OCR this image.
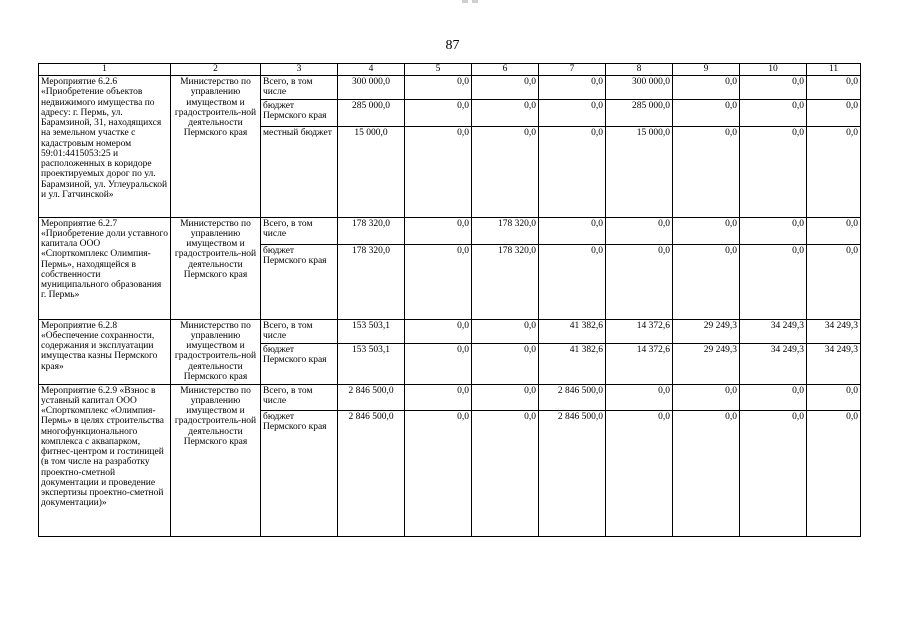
87
1	2	3	4	5	6	7	8	9	10	11
Мероприятие 6.2.6 «Приобретение объектов недвижимого имущества по адресу: г. Пермь, ул. Барамзиной, 31, находящихся на земельном участке с кадастровым номером 59:01:4415053:25 и расположенных в коридоре проектируемых дорог по ул. Барамзиной, ул. Углеуральской и ул. Гатчинской»	Министерство по управлению имуществом и градостроитель-ной деятельности Пермского края	Всего, в том числе	300 000,0	0,0	0,0	0,0	300 000,0	0,0	0,0	0,0
		бюджет Пермского края	285 000,0	0,0	0,0	0,0	285 000,0	0,0	0,0	0,0
		местный бюджет	15 000,0	0,0	0,0	0,0	15 000,0	0,0	0,0	0,0
Мероприятие 6.2.7 «Приобретение доли уставного капитала ООО «Спорткомплекс Олимпия-Пермь», находящейся в собственности муниципального образования г. Пермь»	Министерство по управлению имуществом и градостроитель-ной деятельности Пермского края	Всего, в том числе	178 320,0	0,0	178 320,0	0,0	0,0	0,0	0,0	0,0
		бюджет Пермского края	178 320,0	0,0	178 320,0	0,0	0,0	0,0	0,0	0,0
Мероприятие 6.2.8 «Обеспечение сохранности, содержания и эксплуатации имущества казны Пермского края»	Министерство по управлению имуществом и градостроитель-ной деятельности Пермского края	Всего, в том числе	153 503,1	0,0	0,0	41 382,6	14 372,6	29 249,3	34 249,3	34 249,3
		бюджет Пермского края	153 503,1	0,0	0,0	41 382,6	14 372,6	29 249,3	34 249,3	34 249,3
Мероприятие 6.2.9 «Взнос в уставный капитал ООО «Спорткомплекс «Олимпия-Пермь» в целях строительства многофункционального комплекса с аквапарком, фитнес-центром и гостиницей (в том числе на разработку проектно-сметной документации и проведение экспертизы проектно-сметной документации)»	Министерство по управлению имуществом и градостроитель-ной деятельности Пермского края	Всего, в том числе	2 846 500,0	0,0	0,0	2 846 500,0	0,0	0,0	0,0	0,0
		бюджет Пермского края	2 846 500,0	0,0	0,0	2 846 500,0	0,0	0,0	0,0	0,0
